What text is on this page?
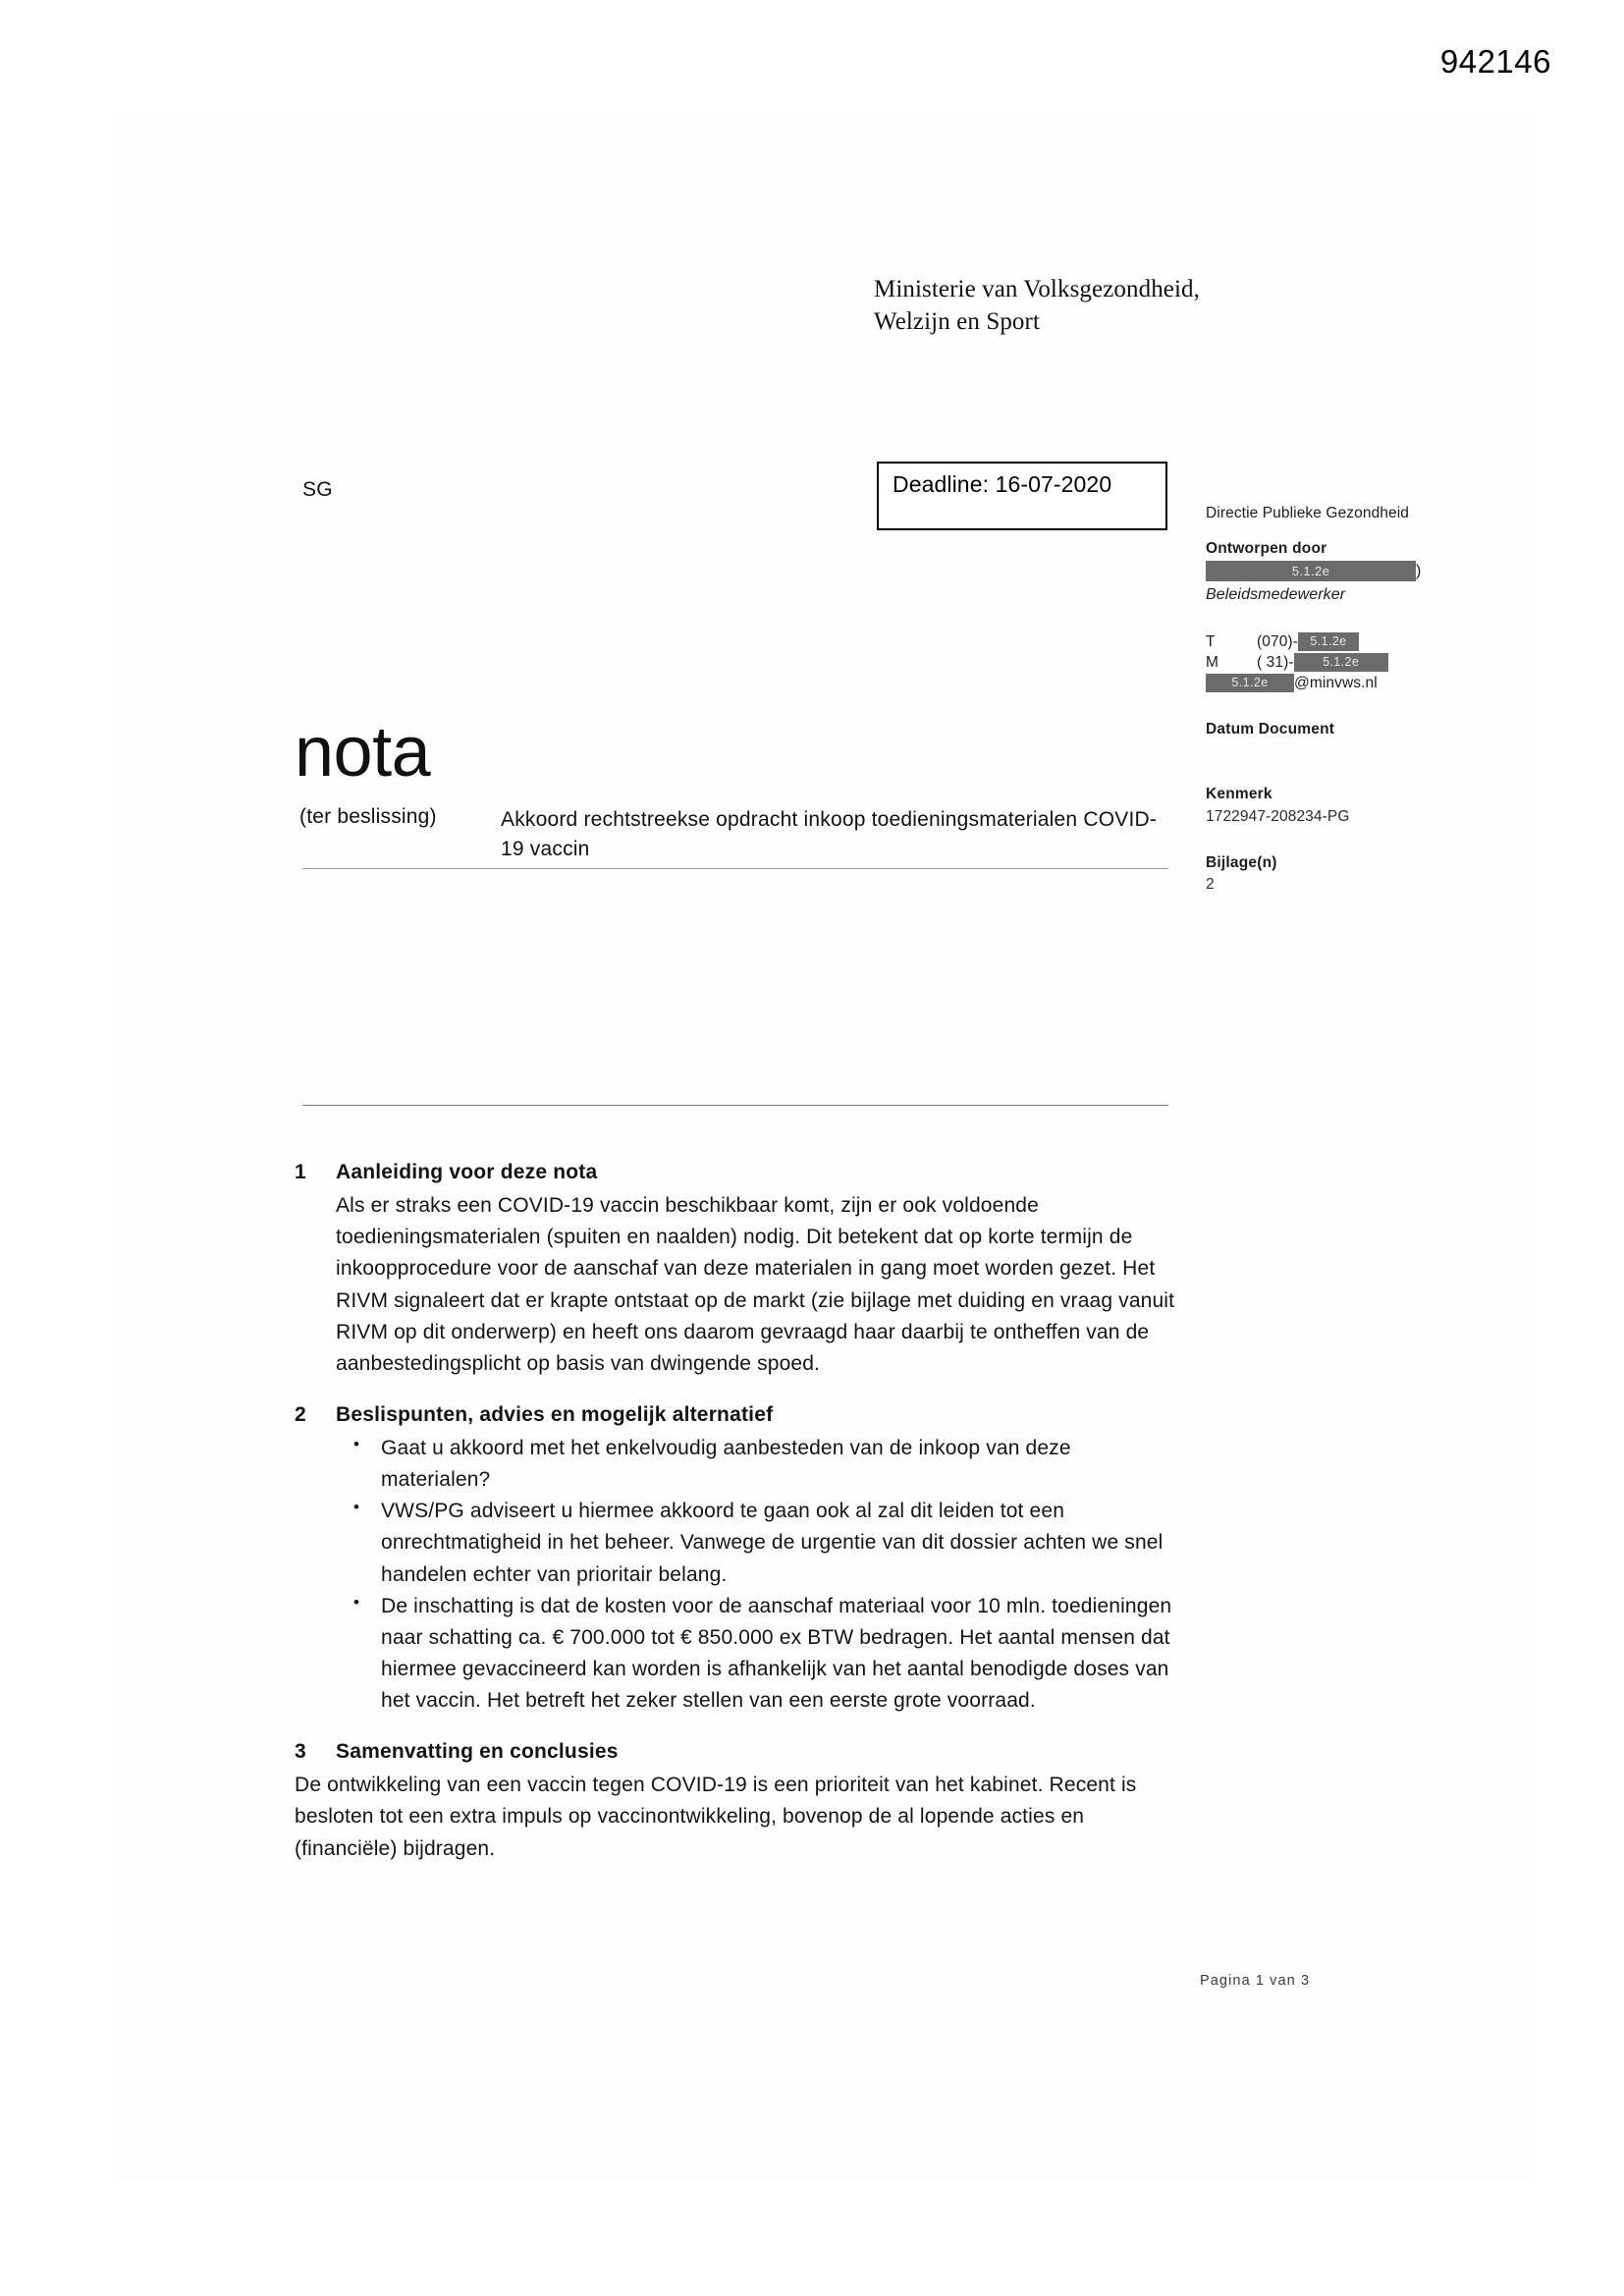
942146
Ministerie van Volksgezondheid,
Welzijn en Sport
SG	Deadline: 16-07-2020
Directie Publieke Gezondheid
Ontworpen door
5.1.2e	)
Beleidsmedewerker
T	(070)- 5.1.2e
M	( 31)- 5.1.2e
5.1.2e @minvws.nl
Datum Document
Kenmerk
1722947-208234-PG
Bijlage(n)
2
nota
(ter beslissing)	Akkoord rechtstreekse opdracht inkoop toedieningsmaterialen COVID-19 vaccin
1 Aanleiding voor deze nota
Als er straks een COVID-19 vaccin beschikbaar komt, zijn er ook voldoende toedieningsmaterialen (spuiten en naalden) nodig. Dit betekent dat op korte termijn de inkoopprocedure voor de aanschaf van deze materialen in gang moet worden gezet. Het RIVM signaleert dat er krapte ontstaat op de markt (zie bijlage met duiding en vraag vanuit RIVM op dit onderwerp) en heeft ons daarom gevraagd haar daarbij te ontheffen van de aanbestedingsplicht op basis van dwingende spoed.
2 Beslispunten, advies en mogelijk alternatief
• Gaat u akkoord met het enkelvoudig aanbesteden van de inkoop van deze materialen?
• VWS/PG adviseert u hiermee akkoord te gaan ook al zal dit leiden tot een onrechtmatigheid in het beheer. Vanwege de urgentie van dit dossier achten we snel handelen echter van prioritair belang.
• De inschatting is dat de kosten voor de aanschaf materiaal voor 10 mln. toedieningen naar schatting ca. € 700.000 tot € 850.000 ex BTW bedragen. Het aantal mensen dat hiermee gevaccineerd kan worden is afhankelijk van het aantal benodigde doses van het vaccin. Het betreft het zeker stellen van een eerste grote voorraad.
3 Samenvatting en conclusies
De ontwikkeling van een vaccin tegen COVID-19 is een prioriteit van het kabinet. Recent is besloten tot een extra impuls op vaccinontwikkeling, bovenop de al lopende acties en (financiële) bijdragen.
Pagina 1 van 3
